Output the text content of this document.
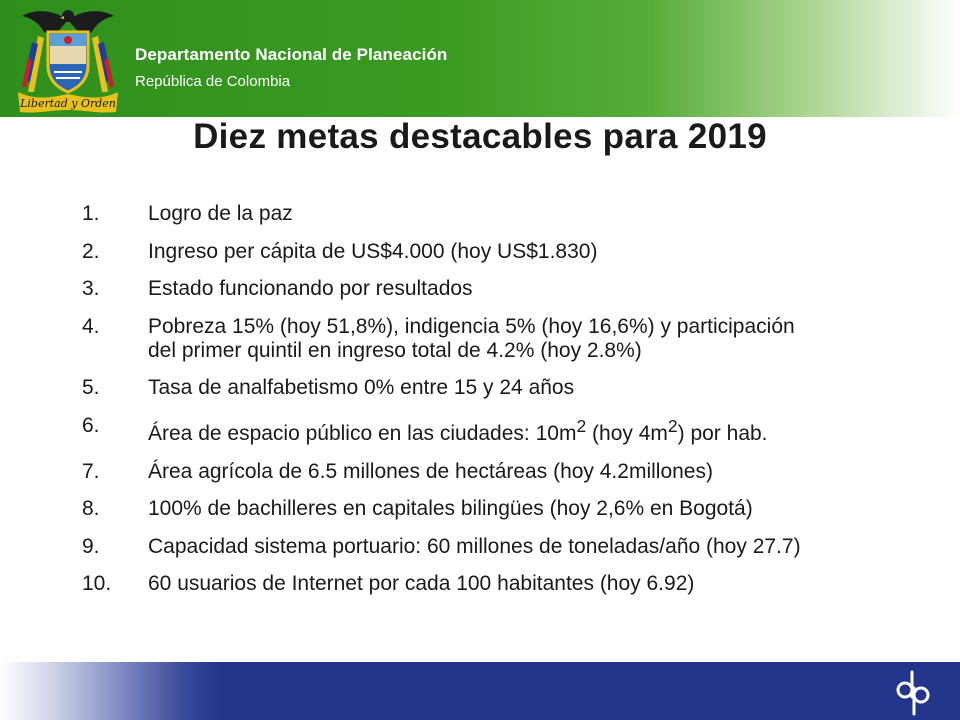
Libertad y Orden
Departamento Nacional de Planeación
República de Colombia
Diez metas destacables para 2019
1.	Logro de la paz
2.	Ingreso per cápita de US$4.000 (hoy US$1.830)
3.	Estado funcionando por resultados
4.	Pobreza 15% (hoy 51,8%), indigencia 5% (hoy 16,6%) y participación
del primer quintil en ingreso total de 4.2% (hoy 2.8%)
5.	Tasa de analfabetismo 0% entre 15 y 24 años
6.	Área de espacio público en las ciudades: $10m^2$ (hoy $4m^2$) por hab.
7.	Área agrícola de 6.5 millones de hectáreas (hoy 4.2millones)
8.	100% de bachilleres en capitales bilingües (hoy 2,6% en Bogotá)
9.	Capacidad sistema portuario: 60 millones de toneladas/año (hoy 27.7)
10.	60 usuarios de Internet por cada 100 habitantes (hoy 6.92)
